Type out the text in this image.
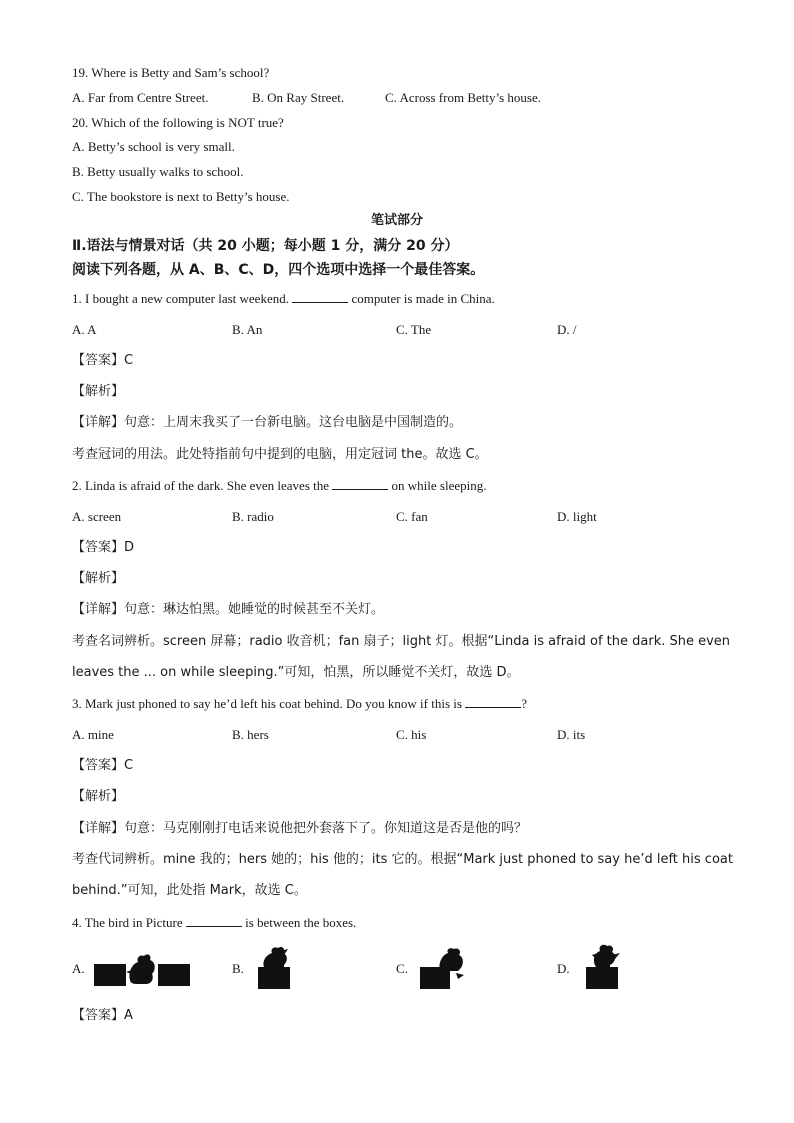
19. Where is Betty and Sam’s school?
A. Far from Centre Street.	B. On Ray Street.	C. Across from Betty’s house.
20. Which of the following is NOT true?
A. Betty’s school is very small.
B. Betty usually walks to school.
C. The bookstore is next to Betty’s house.
笔试部分
Ⅱ.语法与情景对话（共 20 小题；每小题 1 分，满分 20 分）
阅读下列各题，从 A、B、C、D，四个选项中选择一个最佳答案。
1. I bought a new computer last weekend.	computer is made in China.
A. A	B. An	C. The	D. /
【答案】C
【解析】
【详解】句意：上周末我买了一台新电脑。这台电脑是中国制造的。
考查冠词的用法。此处特指前句中提到的电脑，用定冠词 the。故选 C。
2. Linda is afraid of the dark. She even leaves the	on while sleeping.
A. screen	B. radio	C. fan	D. light
【答案】D
【解析】
【详解】句意：琳达怕黑。她睡觉的时候甚至不关灯。
考查名词辨析。screen 屏幕；radio 收音机；fan 扇子；light 灯。根据“Linda is afraid of the dark. She even
leaves the ... on while sleeping.”可知，怕黑，所以睡觉不关灯，故选 D。
3. Mark just phoned to say he’d left his coat behind. Do you know if this is	?
A. mine	B. hers	C. his	D. its
【答案】C
【解析】
【详解】句意：马克刚刚打电话来说他把外套落下了。你知道这是否是他的吗？
考查代词辨析。mine 我的；hers 她的；his 他的；its 它的。根据“Mark just phoned to say he’d left his coat
behind.”可知，此处指 Mark，故选 C。
4. The bird in Picture	is between the boxes.
A.	B.	C.	D.
【答案】A
